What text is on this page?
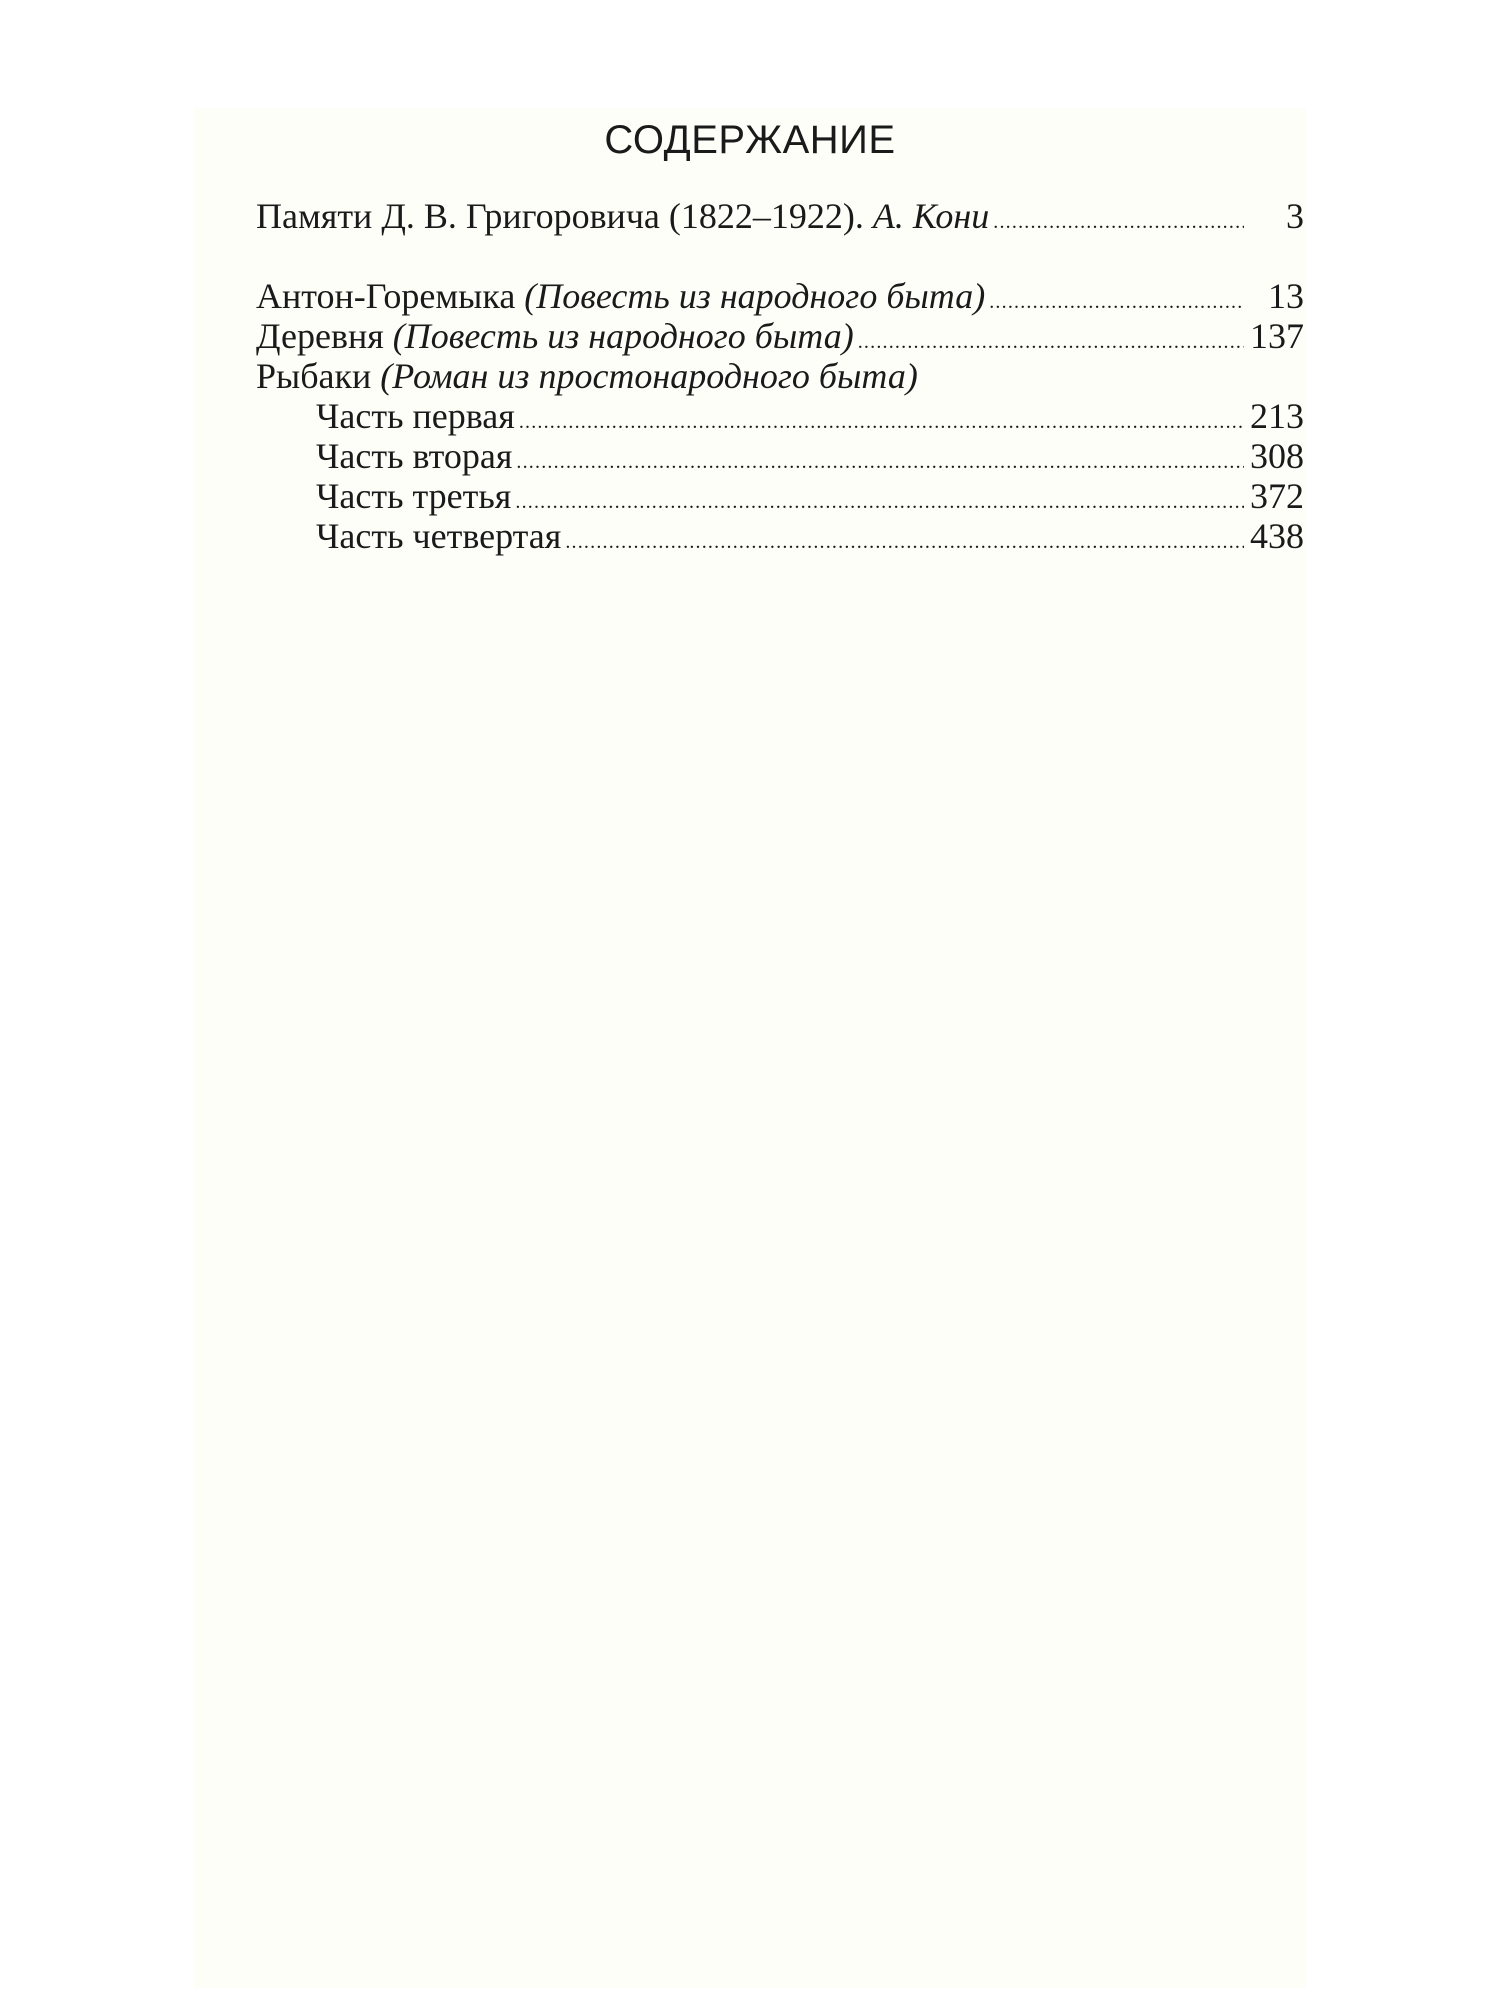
СОДЕРЖАНИЕ
Памяти Д. В. Григоровича (1822–1922). А. Кони .....	3
Антон-Горемыка (Повесть из народного быта) .....	13
Деревня (Повесть из народного быта) .....	137
Рыбаки (Роман из простонародного быта)
Часть первая .....	213
Часть вторая .....	308
Часть третья .....	372
Часть четвертая .....	438
